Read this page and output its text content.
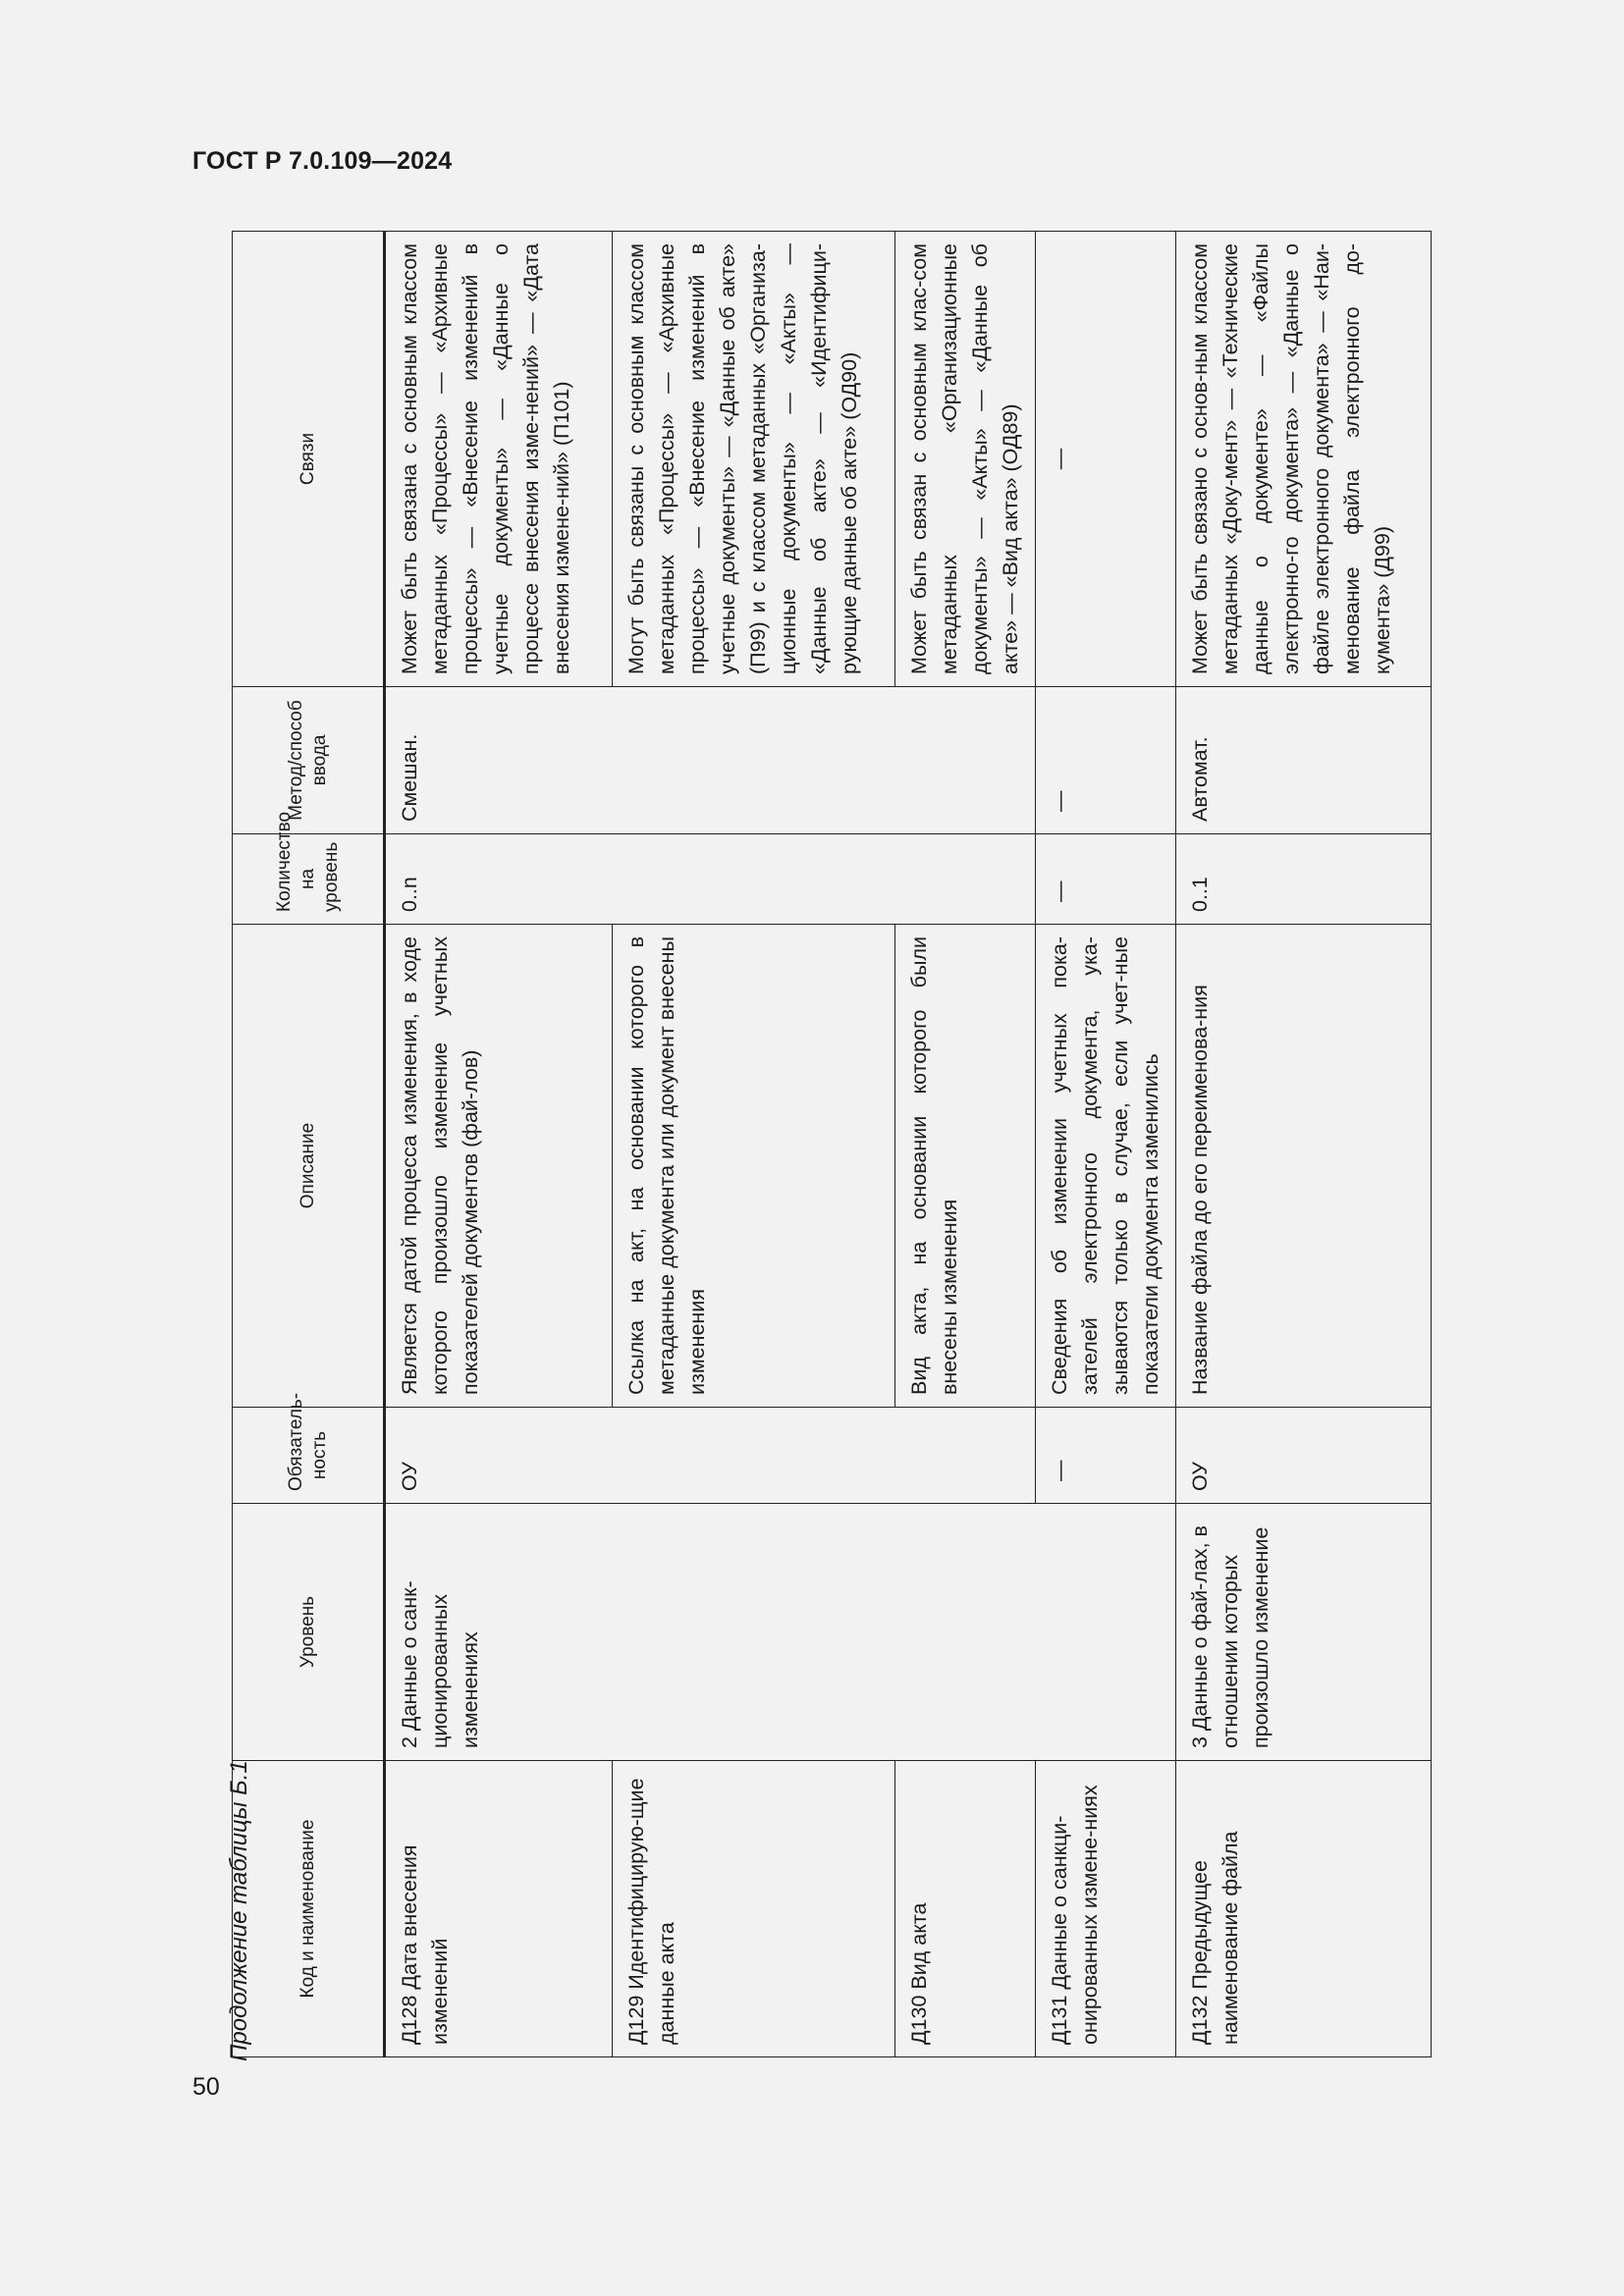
ГОСТ Р 7.0.109—2024
Продолжение таблицы Б.1
50
Код и наименование	Уровень	Обязатель-ность	Описание	Количество на уровень	Метод/способ ввода	Связи
Д128 Дата внесения изменений	2 Данные о санк-ционированных изменениях	ОУ	Является датой процесса изменения, в ходе которого произошло изменение учетных показателей документов (фай-лов)	0..n	Смешан.	Может быть связана с основным классом метаданных «Процессы» — «Архивные процессы» — «Внесение изменений в учетные документы» — «Данные о процессе внесения изме-нений» — «Дата внесения измене-ний» (П101)
Д129 Идентифицирую-щие данные акта			Ссылка на акт, на основании которого в метаданные документа или документ внесены изменения			Могут быть связаны с основным классом метаданных «Процессы» — «Архивные процессы» — «Внесение изменений в учетные документы» — «Данные об акте» (П99) и с классом метаданных «Организа-ционные документы» — «Акты» — «Данные об акте» — «Идентифици-рующие данные об акте» (ОД90)
Д130 Вид акта			Вид акта, на основании которого были внесены изменения			Может быть связан с основным клас-сом метаданных «Организационные документы» — «Акты» — «Данные об акте» — «Вид акта» (ОД89)
Д131 Данные о санкци-онированных измене-ниях		—	Сведения об изменении учетных пока-зателей электронного документа, ука-зываются только в случае, если учет-ные показатели документа изменились	—	—	—
Д132 Предыдущее наименование файла	3 Данные о фай-лах, в отношении которых произошло изменение	ОУ	Название файла до его переименова-ния	0..1	Автомат.	Может быть связано с основ-ным классом метаданных «Доку-мент» — «Технические данные о документе» — «Файлы электронно-го документа» — «Данные о файле электронного документа» — «Наи-менование файла электронного до-кумента» (Д99)
